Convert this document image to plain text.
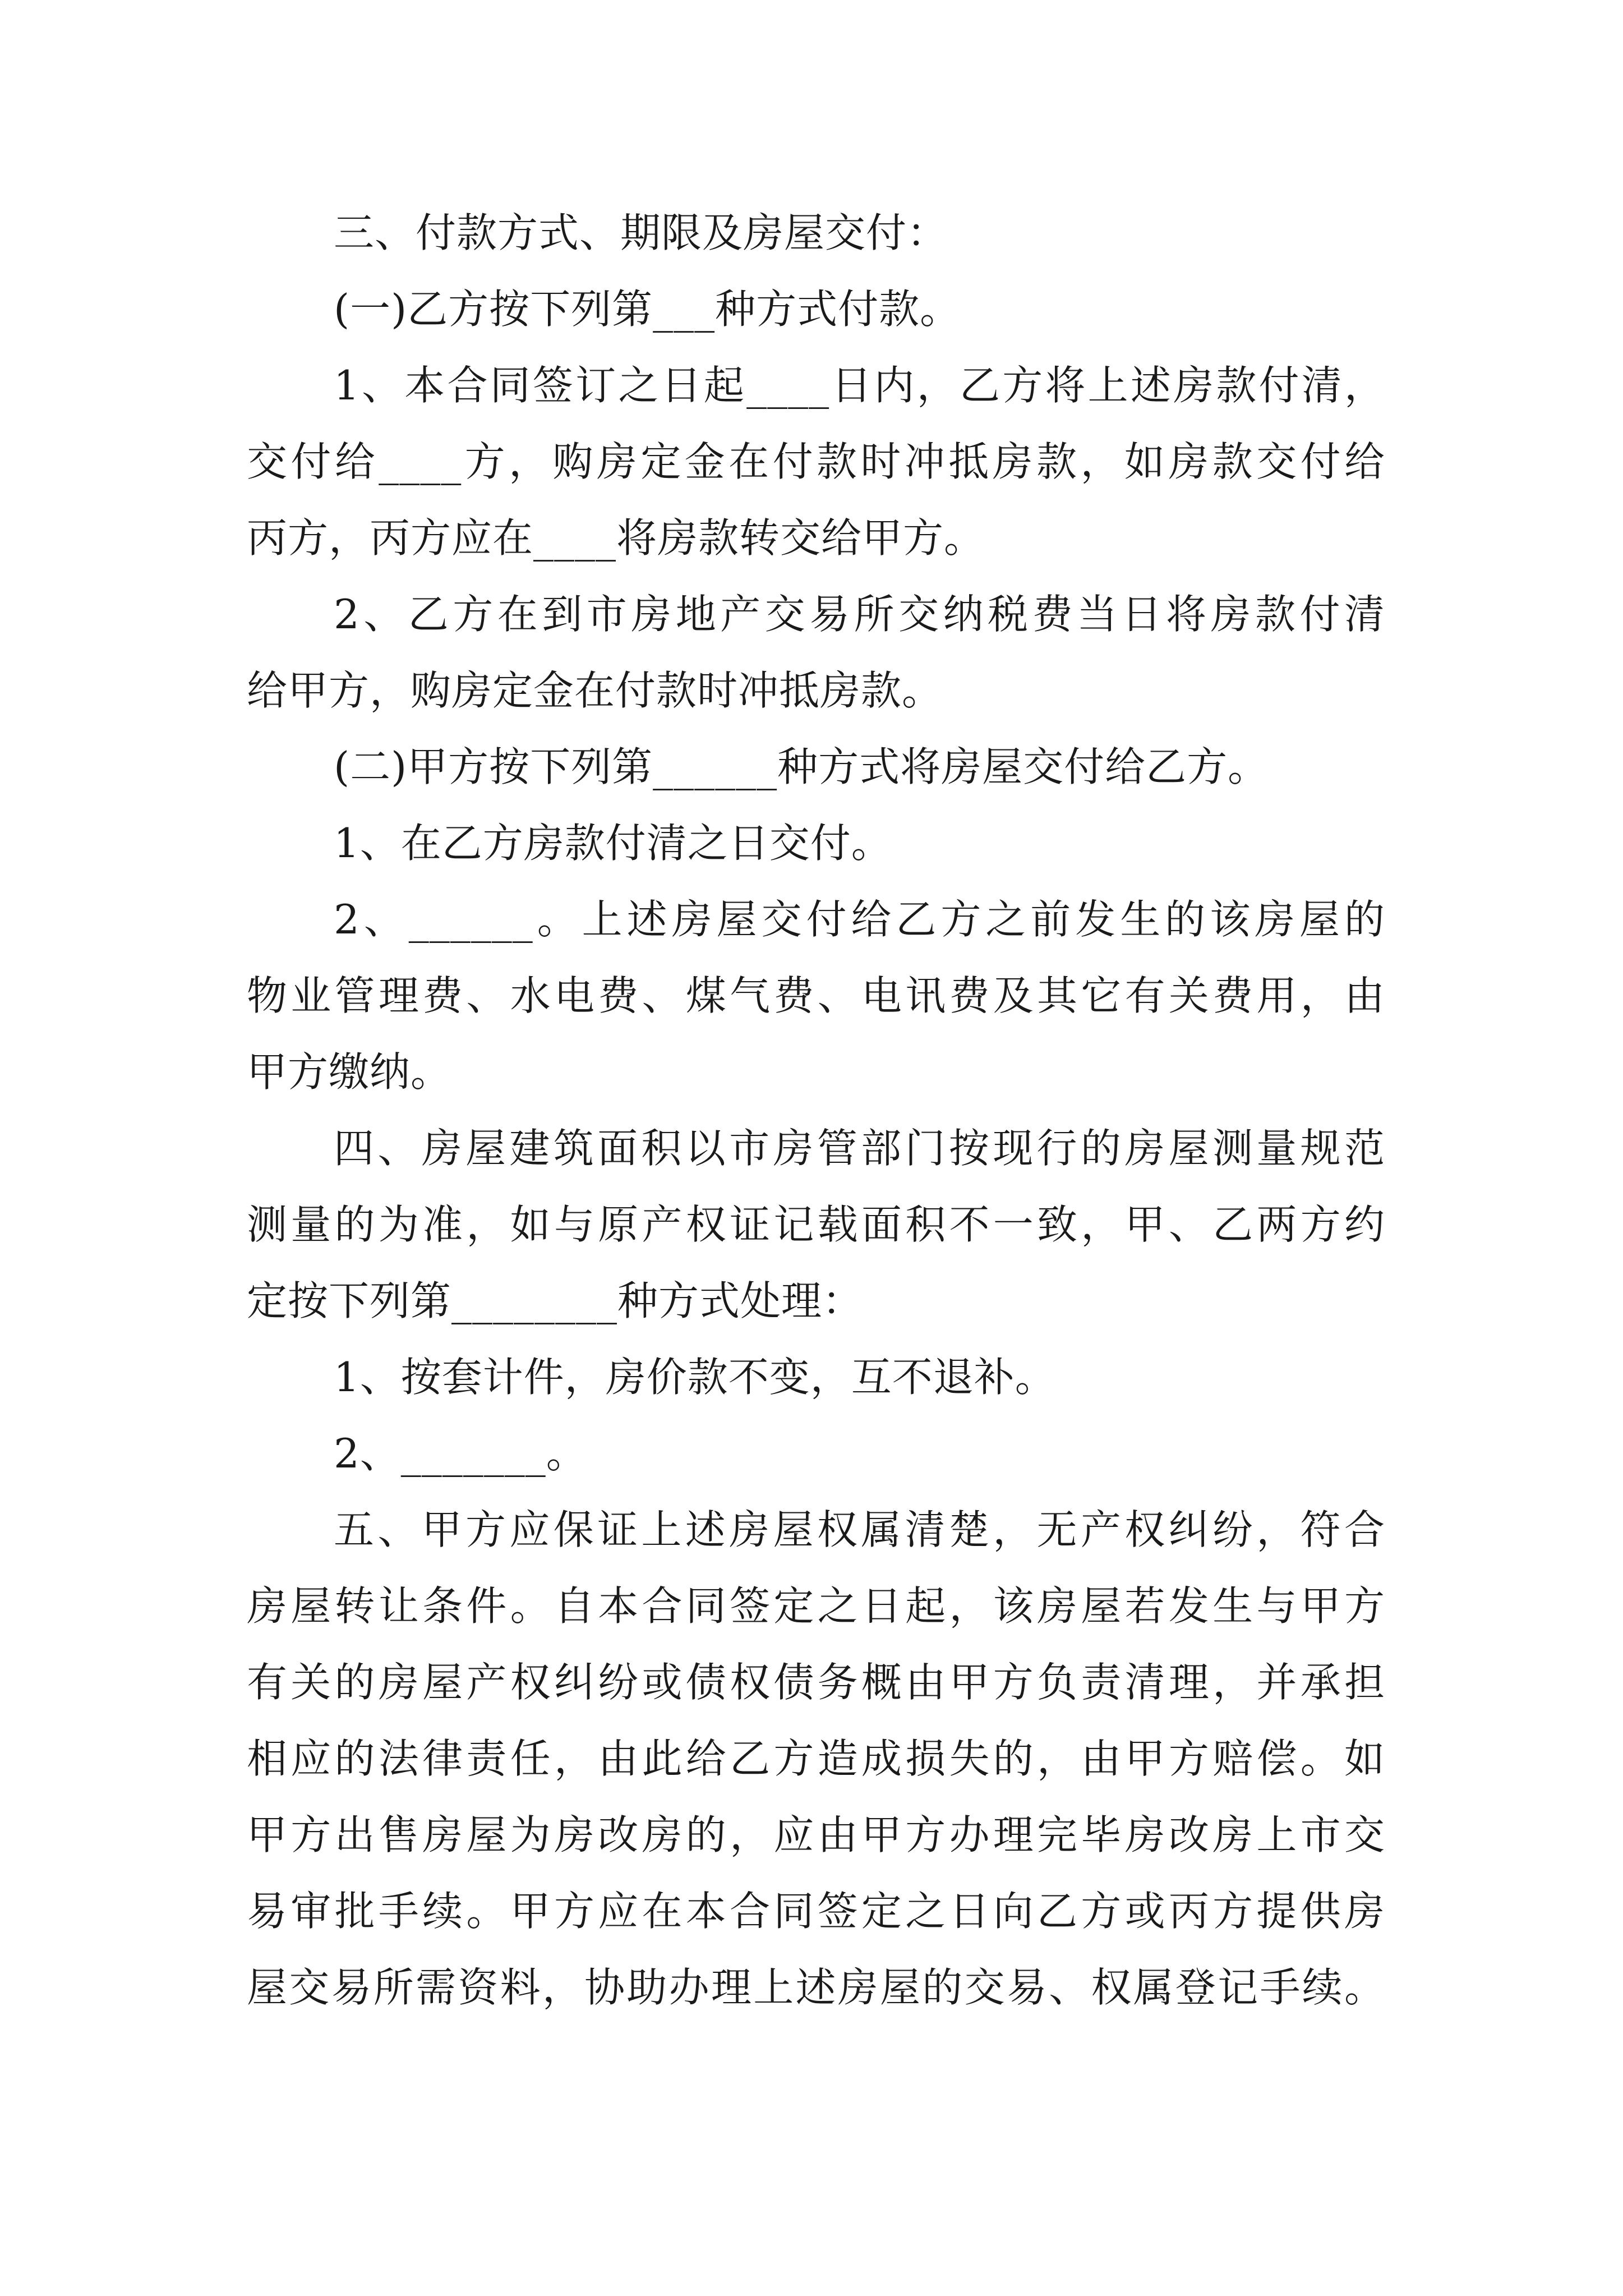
三、付款方式、期限及房屋交付：
(一)乙方按下列第___种方式付款。
1、本合同签订之日起____日内，乙方将上述房款付清，
交付给____方，购房定金在付款时冲抵房款，如房款交付给
丙方，丙方应在____将房款转交给甲方。
2、乙方在到市房地产交易所交纳税费当日将房款付清
给甲方，购房定金在付款时冲抵房款。
(二)甲方按下列第______种方式将房屋交付给乙方。
1、在乙方房款付清之日交付。
2、______。上述房屋交付给乙方之前发生的该房屋的
物业管理费、水电费、煤气费、电讯费及其它有关费用，由
甲方缴纳。
四、房屋建筑面积以市房管部门按现行的房屋测量规范
测量的为准，如与原产权证记载面积不一致，甲、乙两方约
定按下列第________种方式处理：
1、按套计件，房价款不变，互不退补。
2、_______。
五、甲方应保证上述房屋权属清楚，无产权纠纷，符合
房屋转让条件。自本合同签定之日起，该房屋若发生与甲方
有关的房屋产权纠纷或债权债务概由甲方负责清理，并承担
相应的法律责任，由此给乙方造成损失的，由甲方赔偿。如
甲方出售房屋为房改房的，应由甲方办理完毕房改房上市交
易审批手续。甲方应在本合同签定之日向乙方或丙方提供房
屋交易所需资料，协助办理上述房屋的交易、权属登记手续。
